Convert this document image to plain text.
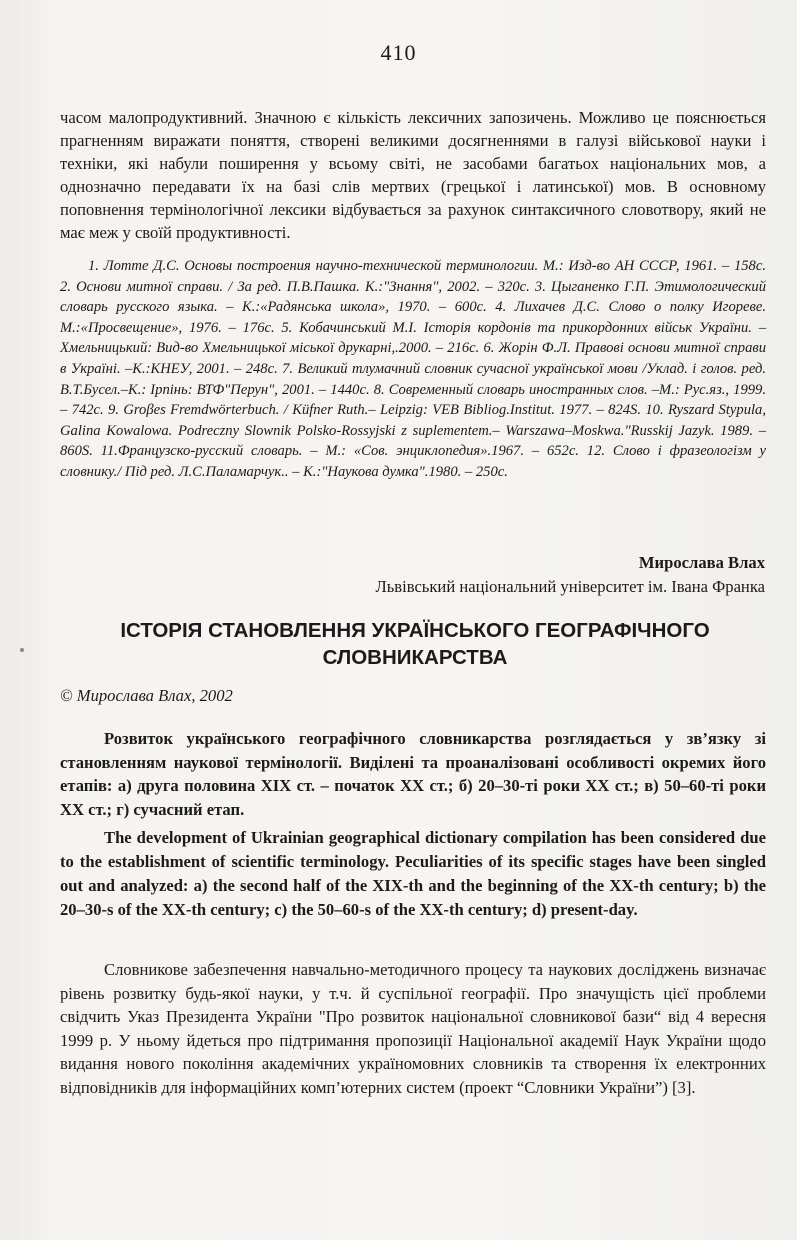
410

часом малопродуктивний. Значною є кількість лексичних запозичень. Можливо це пояснюється прагненням виражати поняття, створені великими досягненнями в галузі військової науки і техніки, які набули поширення у всьому світі, не засобами багатьох національних мов, а однозначно передавати їх на базі слів мертвих (грецької і латинської) мов. В основному поповнення термінологічної лексики відбувається за рахунок синтаксичного словотвору, який не має меж у своїй продуктивності.

1. Лотте Д.С. Основы построения научно-технической терминологии. М.: Изд-во АН СССР, 1961. – 158с. 2. Основи митної справи. / За ред. П.В.Пашка. К.:"Знання", 2002. – 320с. 3. Цыганенко Г.П. Этимологический словарь русского языка. – К.:«Радянська школа», 1970. – 600с. 4. Лихачев Д.С. Слово о полку Игореве. М.:«Просвещение», 1976. – 176с. 5. Кобачинський М.І. Історія кордонів та прикордонних військ України. – Хмельницький: Вид-во Хмельницької міської друкарні,.2000. – 216с. 6. Жорін Ф.Л. Правові основи митної справи в Україні. –К.:КНЕУ, 2001. – 248с. 7. Великий тлумачний словник сучасної української мови /Уклад. і голов. ред. В.Т.Бусел.–К.: Ірпінь: ВТФ"Перун", 2001. – 1440с. 8. Современный словарь иностранных слов. –М.: Рус.яз., 1999. – 742с. 9. Groβes Fremdwörterbuch. / Küfner Ruth.– Leipzig: VEB Bibliog.Institut. 1977. – 824S. 10. Ryszard Stypula, Galina Kowalowa. Podreczny Slownik Polsko-Rossyjski z suplementem.– Warszawa–Moskwa."Russkij Jazyk. 1989. – 860S. 11.Французско-русский словарь. – М.: «Сов. энциклопедия».1967. – 652с. 12. Слово і фразеологізм у словнику./ Під ред. Л.С.Паламарчук.. – К.:"Наукова думка".1980. – 250с.

Мирослава Влах
Львівський національний університет ім. Івана Франка
ІСТОРІЯ СТАНОВЛЕННЯ УКРАЇНСЬКОГО ГЕОГРАФІЧНОГО СЛОВНИКАРСТВА
© Мирослава Влах, 2002

Розвиток українського географічного словникарства розглядається у зв’язку зі становленням наукової термінології. Виділені та проаналізовані особливості окремих його етапів: а) друга половина ХІХ ст. – початок ХХ ст.; б) 20–30-ті роки ХХ ст.; в) 50–60-ті роки ХХ ст.; г) сучасний етап.

The development of Ukrainian geographical dictionary compilation has been considered due to the establishment of scientific terminology. Peculiarities of its specific stages have been singled out and analyzed: a) the second half of the XIX-th and the beginning of the XX-th century; b) the 20–30-s of the XX-th century; c) the 50–60-s of the XX-th century; d) present-day.

Словникове забезпечення навчально-методичного процесу та наукових досліджень визначає рівень розвитку будь-якої науки, у т.ч. й суспільної географії. Про значущість цієї проблеми свідчить Указ Президента України "Про розвиток національної словникової бази“ від 4 вересня 1999 р. У ньому йдеться про підтримання пропозиції Національної академії Наук України щодо видання нового покоління академічних україномовних словників та створення їх електронних відповідників для інформаційних комп’ютерних систем (проект “Словники України”) [3].
